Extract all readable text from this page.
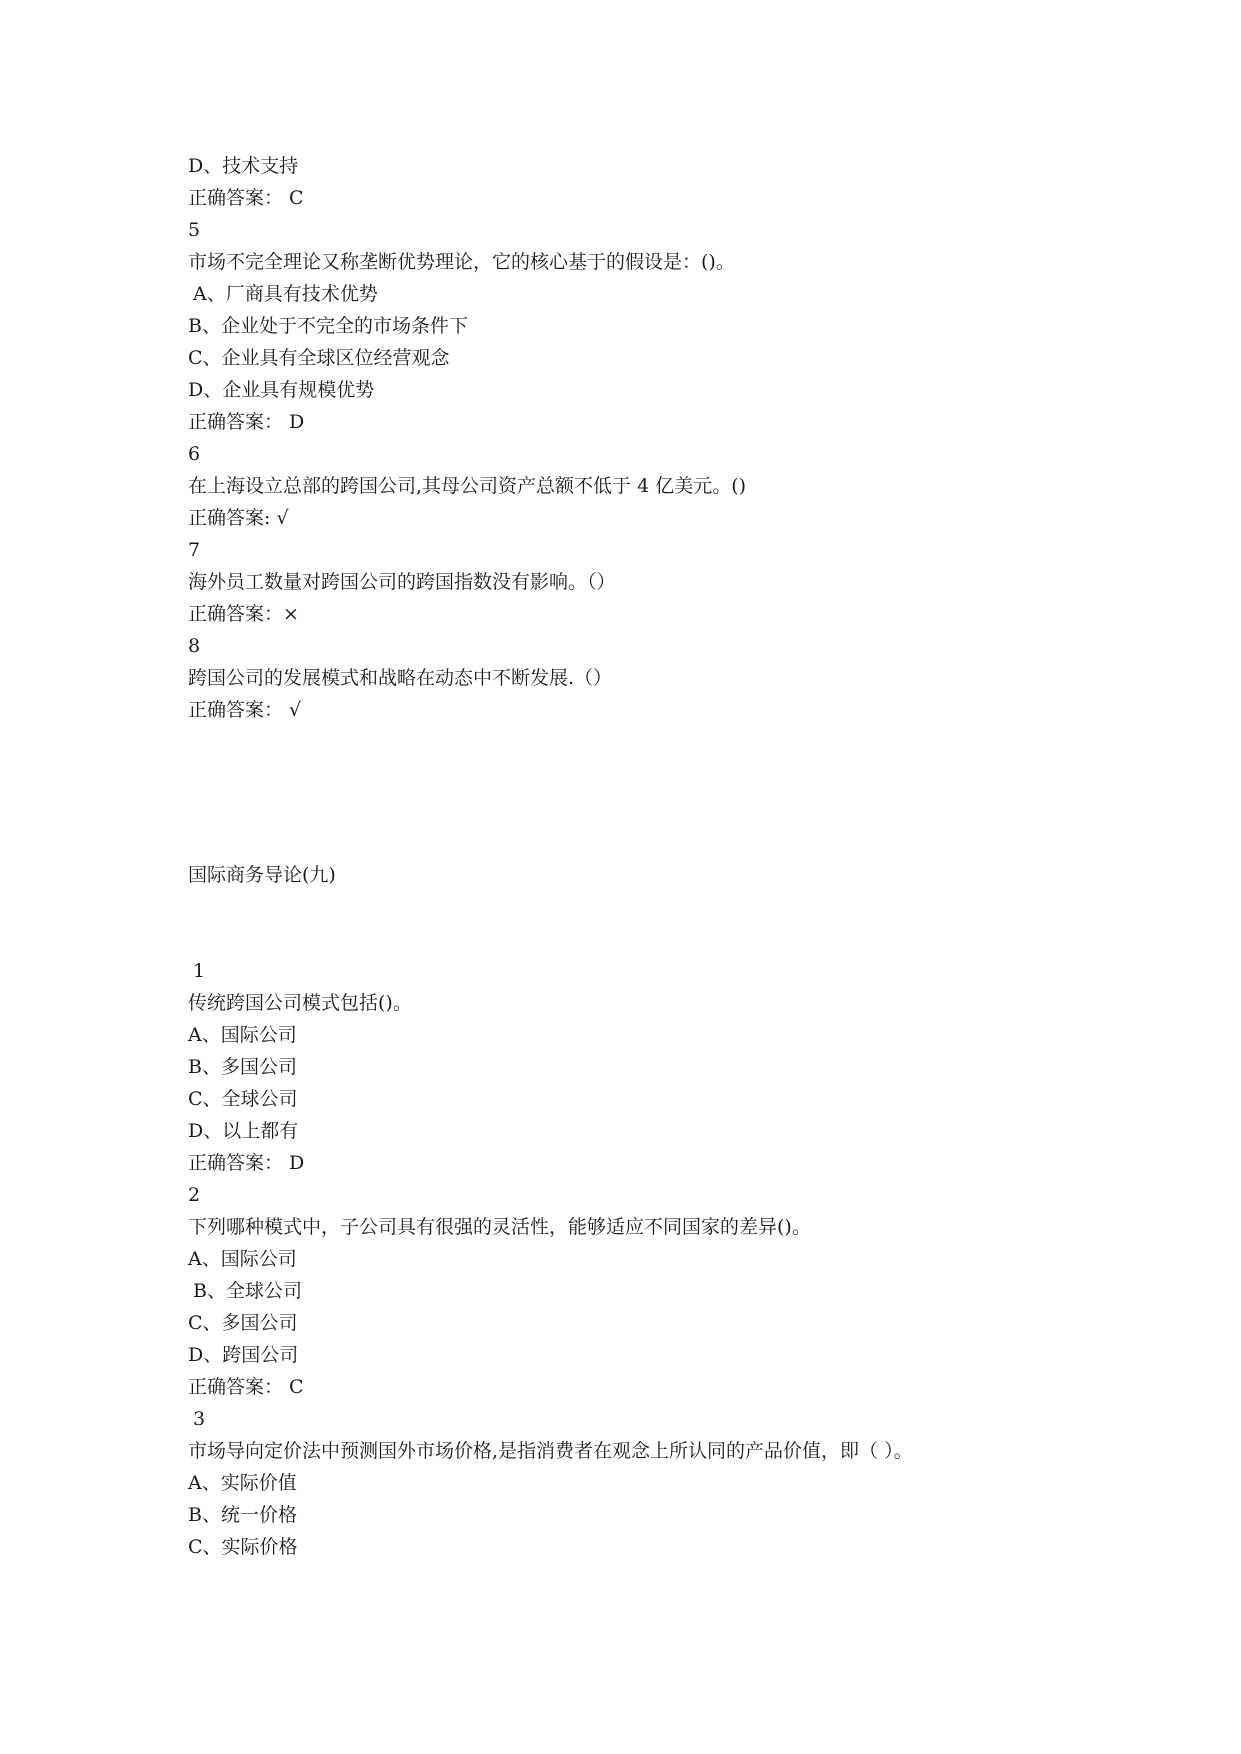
D、技术支持
正确答案： C
5
市场不完全理论又称垄断优势理论，它的核心基于的假设是：()。
A、厂商具有技术优势
B、企业处于不完全的市场条件下
C、企业具有全球区位经营观念
D、企业具有规模优势
正确答案： D
6
在上海设立总部的跨国公司,其母公司资产总额不低于 4 亿美元。()
正确答案: √
7
海外员工数量对跨国公司的跨国指数没有影响。（）
正确答案：×
8
跨国公司的发展模式和战略在动态中不断发展.（）
正确答案： √
国际商务导论(九)
1
传统跨国公司模式包括()。
A、国际公司
B、多国公司
C、全球公司
D、以上都有
正确答案： D
2
下列哪种模式中，子公司具有很强的灵活性，能够适应不同国家的差异()。
A、国际公司
B、全球公司
C、多国公司
D、跨国公司
正确答案： C
3
市场导向定价法中预测国外市场价格,是指消费者在观念上所认同的产品价值，即（ ）。
A、实际价值
B、统一价格
C、实际价格
